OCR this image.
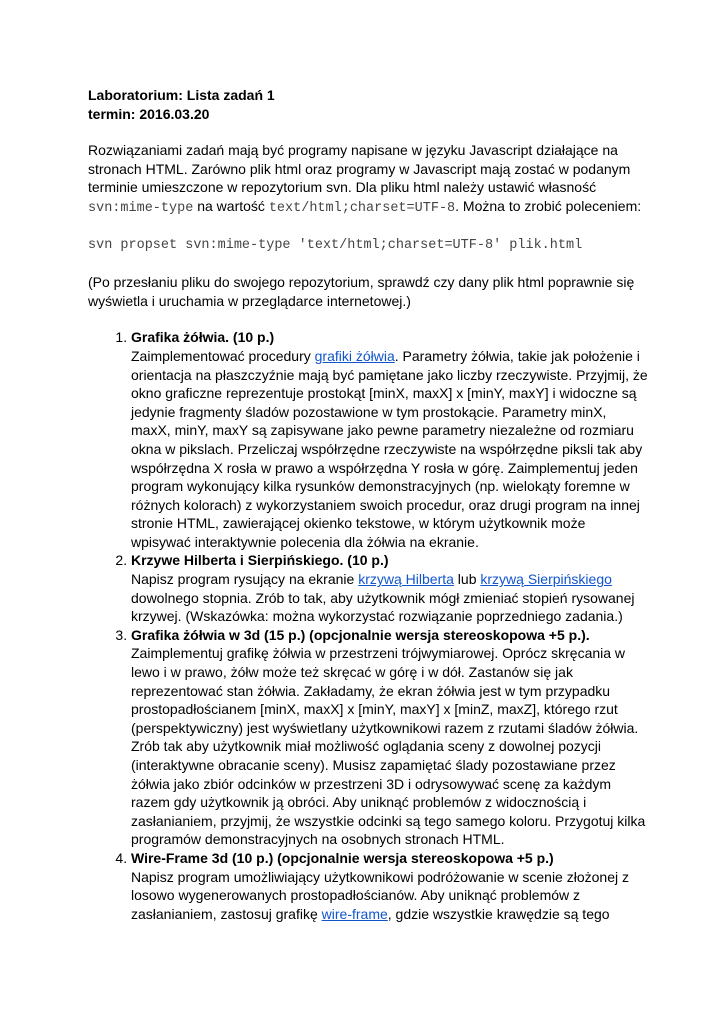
Laboratorium: Lista zadań 1

termin: 2016.03.20

Rozwiązaniami zadań mają być programy napisane w języku Javascript działające na stronach HTML. Zarówno plik html oraz programy w Javascript mają zostać w podanym terminie umieszczone w repozytorium svn. Dla pliku html należy ustawić własność svn:mime-type na wartość text/html;charset=UTF-8. Można to zrobić poleceniem:

svn propset svn:mime-type 'text/html;charset=UTF-8' plik.html

(Po przesłaniu pliku do swojego repozytorium, sprawdź czy dany plik html poprawnie się wyświetla i uruchamia w przeglądarce internetowej.)

1. Grafika żółwia. (10 p.)
Zaimplementować procedury grafiki żółwia. Parametry żółwia, takie jak położenie i orientacja na płaszczyźnie mają być pamiętane jako liczby rzeczywiste. Przyjmij, że okno graficzne reprezentuje prostokąt [minX, maxX] x [minY, maxY] i widoczne są jedynie fragmenty śladów pozostawione w tym prostokącie. Parametry minX, maxX, minY, maxY są zapisywane jako pewne parametry niezależne od rozmiaru okna w pikslach. Przeliczaj współrzędne rzeczywiste na współrzędne piksli tak aby współrzędna X rosła w prawo a współrzędna Y rosła w górę. Zaimplementuj jeden program wykonujący kilka rysunków demonstracyjnych (np. wielokąty foremne w różnych kolorach) z wykorzystaniem swoich procedur, oraz drugi program na innej stronie HTML, zawierającej okienko tekstowe, w którym użytkownik może wpisywać interaktywnie polecenia dla żółwia na ekranie.
2. Krzywe Hilberta i Sierpińskiego. (10 p.)
Napisz program rysujący na ekranie krzywą Hilberta lub krzywą Sierpińskiego dowolnego stopnia. Zrób to tak, aby użytkownik mógł zmieniać stopień rysowanej krzywej. (Wskazówka: można wykorzystać rozwiązanie poprzedniego zadania.)
3. Grafika żółwia w 3d (15 p.) (opcjonalnie wersja stereoskopowa +5 p.).
Zaimplementuj grafikę żółwia w przestrzeni trójwymiarowej. Oprócz skręcania w lewo i w prawo, żółw może też skręcać w górę i w dół. Zastanów się jak reprezentować stan żółwia. Zakładamy, że ekran żółwia jest w tym przypadku prostopadłościanem [minX, maxX] x [minY, maxY] x [minZ, maxZ], którego rzut (perspektywiczny) jest wyświetlany użytkownikowi razem z rzutami śladów żółwia. Zrób tak aby użytkownik miał możliwość oglądania sceny z dowolnej pozycji (interaktywne obracanie sceny). Musisz zapamiętać ślady pozostawiane przez żółwia jako zbiór odcinków w przestrzeni 3D i odrysowywać scenę za każdym razem gdy użytkownik ją obróci. Aby uniknąć problemów z widocznością i zasłanianiem, przyjmij, że wszystkie odcinki są tego samego koloru. Przygotuj kilka programów demonstracyjnych na osobnych stronach HTML.
4. Wire-Frame 3d (10 p.) (opcjonalnie wersja stereoskopowa +5 p.)
Napisz program umożliwiający użytkownikowi podróżowanie w scenie złożonej z losowo wygenerowanych prostopadłościanów. Aby uniknąć problemów z zasłanianiem, zastosuj grafikę wire-frame, gdzie wszystkie krawędzie są tego
